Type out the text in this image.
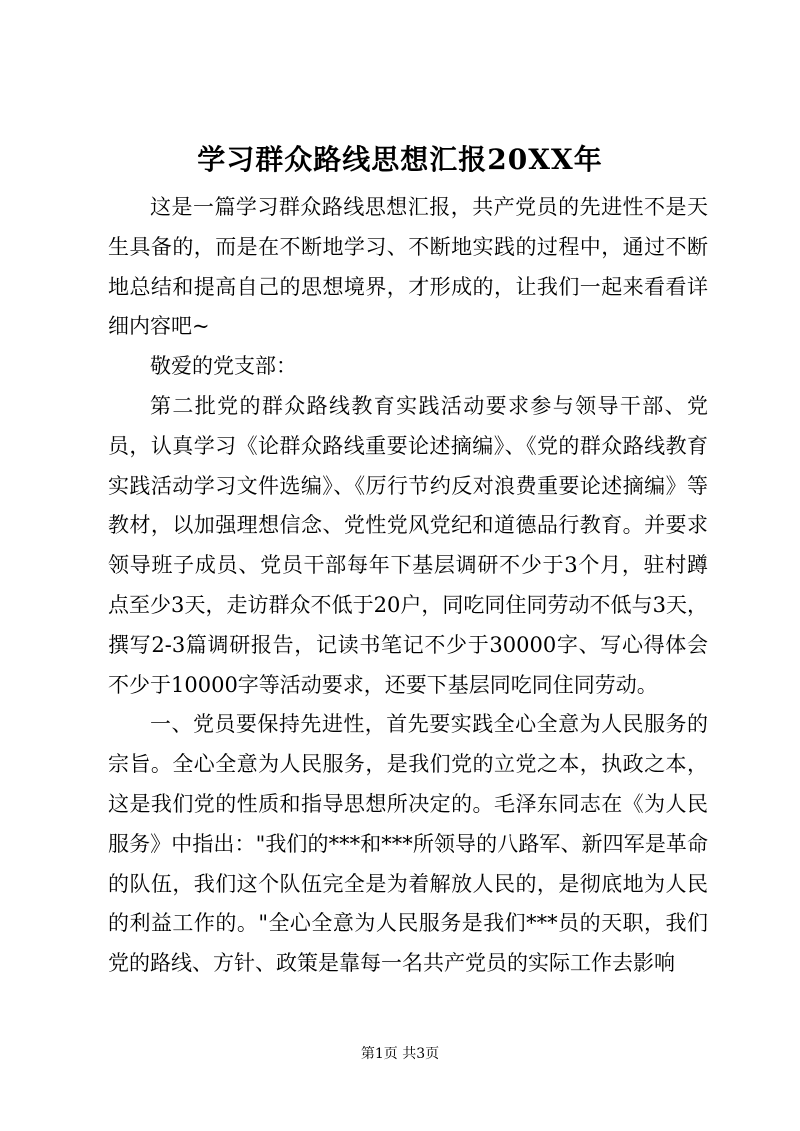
学习群众路线思想汇报20XX年

这是一篇学习群众路线思想汇报，共产党员的先进性不是天生具备的，而是在不断地学习、不断地实践的过程中，通过不断地总结和提高自己的思想境界，才形成的，让我们一起来看看详细内容吧~

敬爱的党支部：

第二批党的群众路线教育实践活动要求参与领导干部、党员，认真学习《论群众路线重要论述摘编》、《党的群众路线教育实践活动学习文件选编》、《厉行节约反对浪费重要论述摘编》等教材，以加强理想信念、党性党风党纪和道德品行教育。并要求领导班子成员、党员干部每年下基层调研不少于3个月，驻村蹲点至少3天，走访群众不低于20户，同吃同住同劳动不低与3天，撰写2-3篇调研报告，记读书笔记不少于30000字、写心得体会不少于10000字等活动要求，还要下基层同吃同住同劳动。

一、党员要保持先进性，首先要实践全心全意为人民服务的宗旨。全心全意为人民服务，是我们党的立党之本，执政之本，这是我们党的性质和指导思想所决定的。毛泽东同志在《为人民服务》中指出："我们的***和***所领导的八路军、新四军是革命的队伍，我们这个队伍完全是为着解放人民的，是彻底地为人民的利益工作的。"全心全意为人民服务是我们***员的天职，我们党的路线、方针、政策是靠每一名共产党员的实际工作去影响

第1页 共3页
